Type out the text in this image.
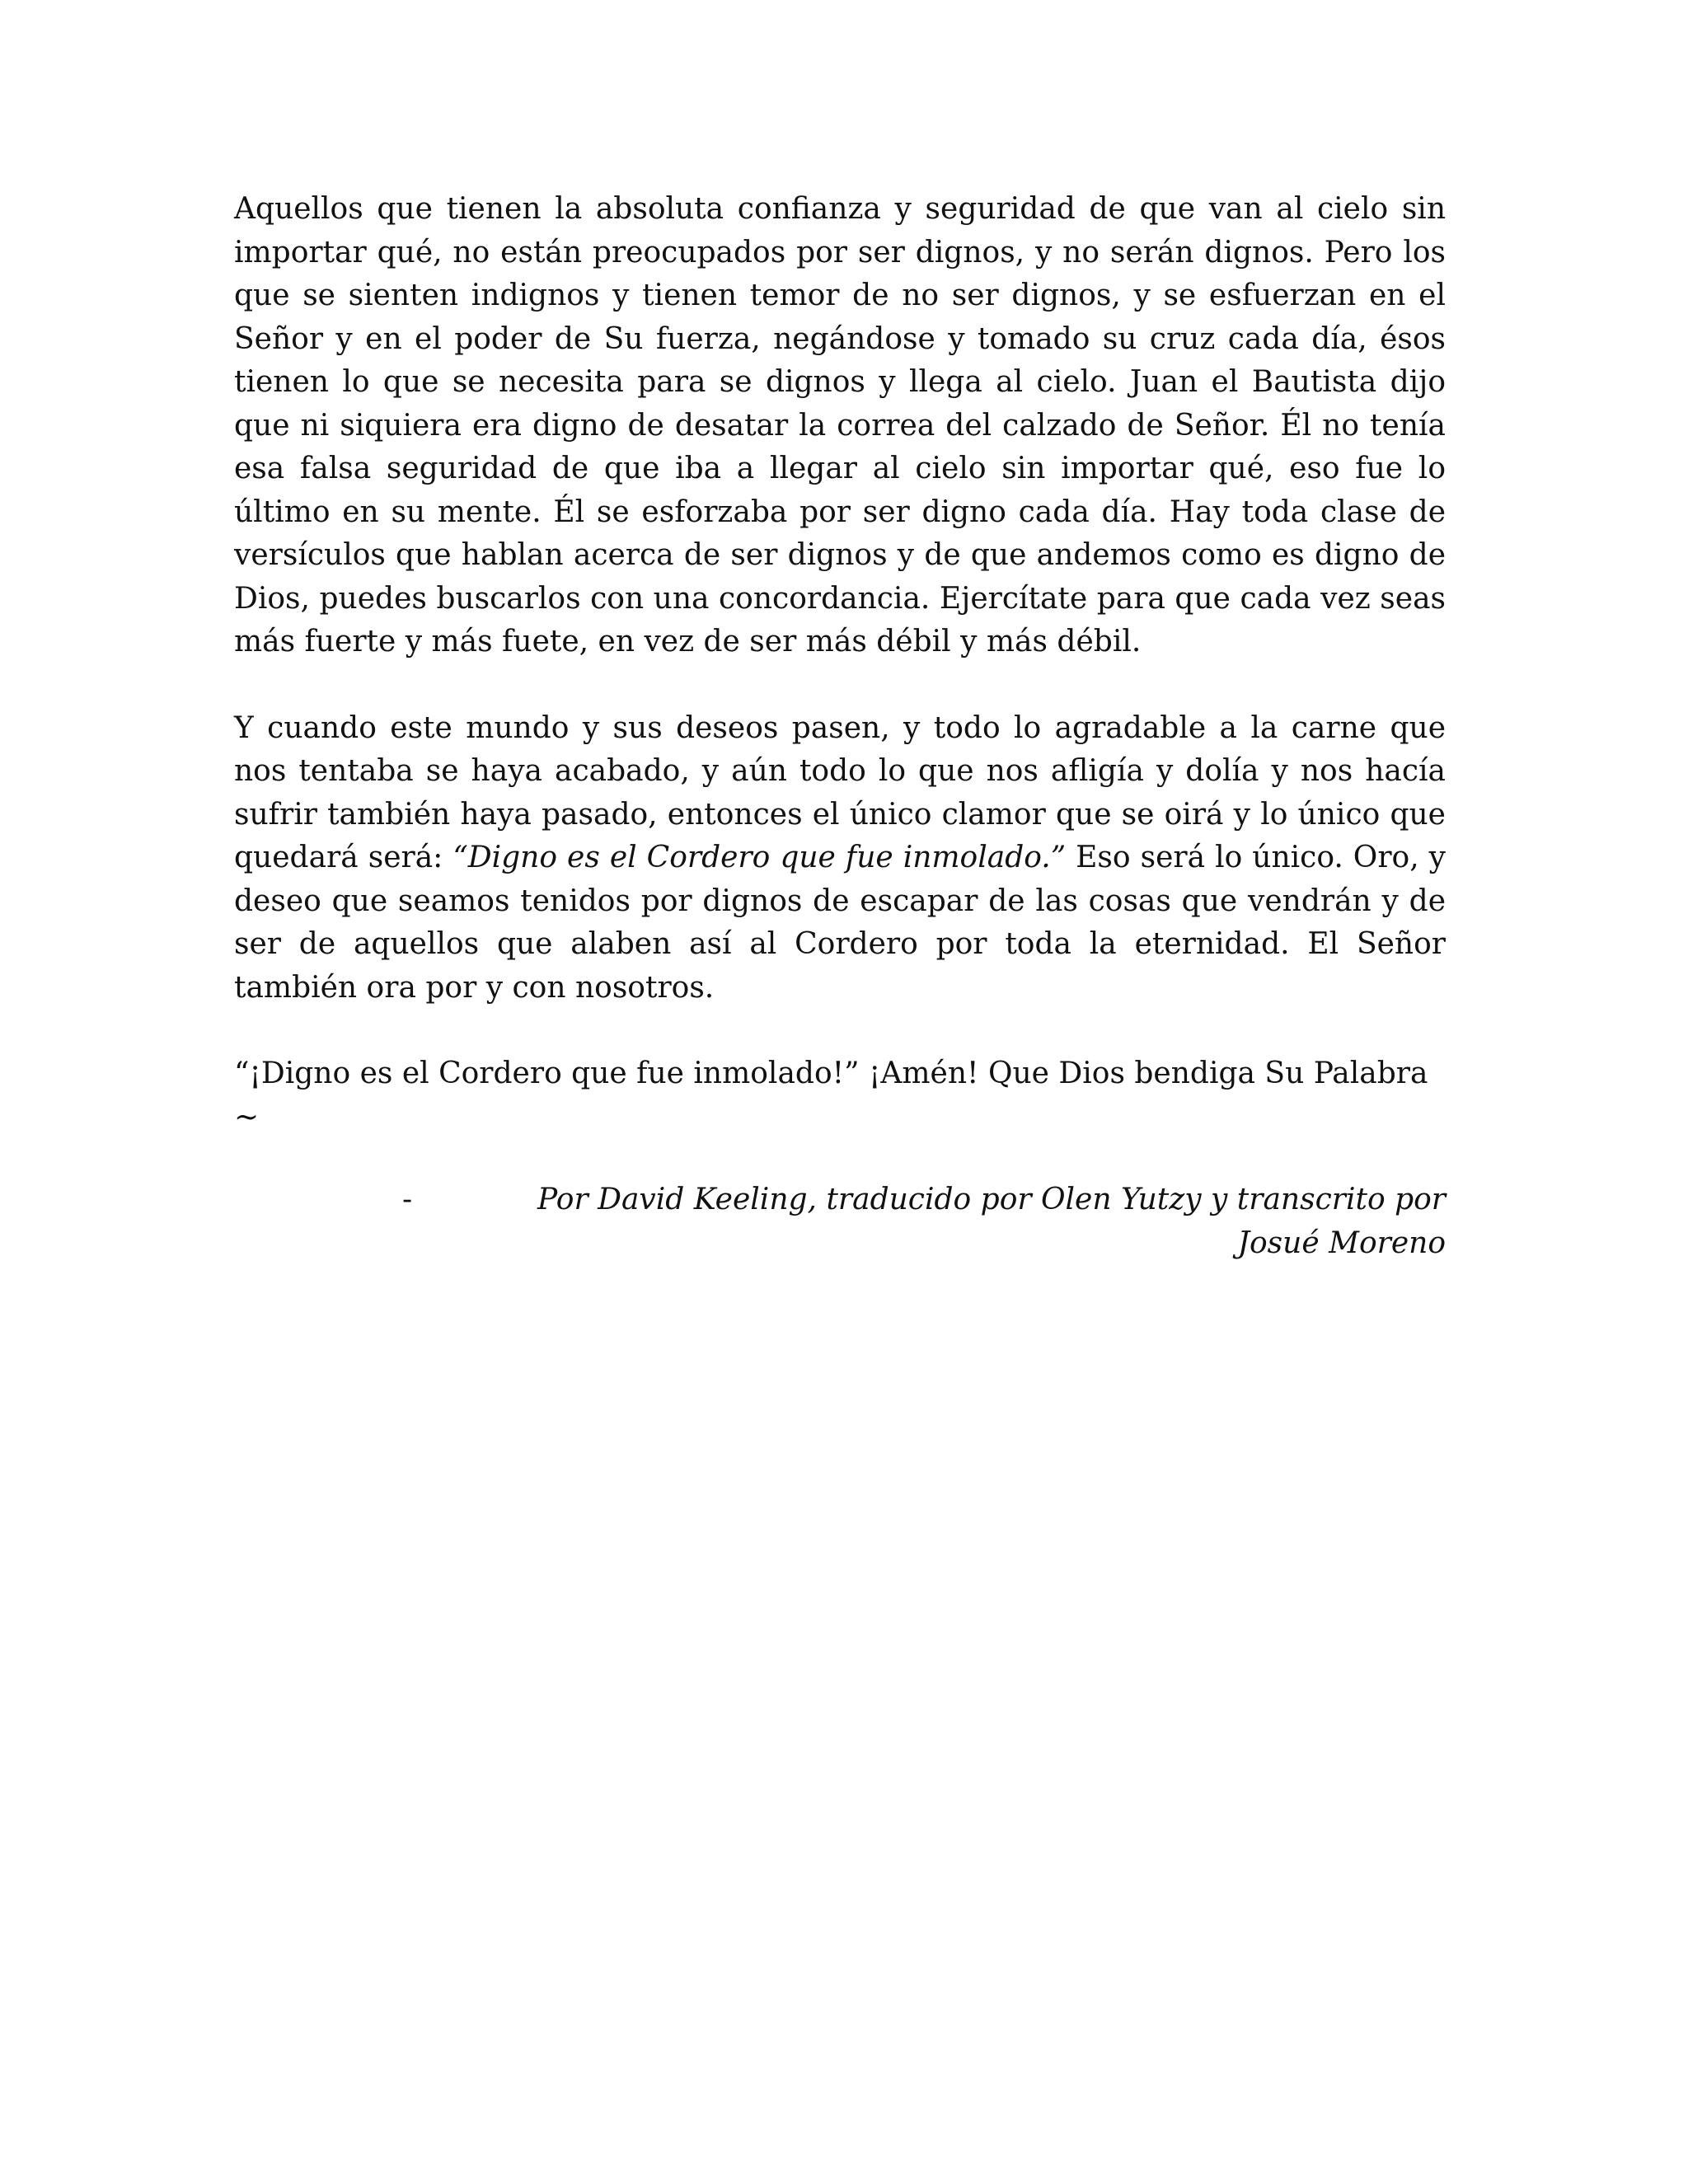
Aquellos que tienen la absoluta confianza y seguridad de que van al cielo sin importar qué, no están preocupados por ser dignos, y no serán dignos. Pero los que se sienten indignos y tienen temor de no ser dignos, y se esfuerzan en el Señor y en el poder de Su fuerza, negándose y tomado su cruz cada día, ésos tienen lo que se necesita para se dignos y llega al cielo. Juan el Bautista dijo que ni siquiera era digno de desatar la correa del calzado de Señor. Él no tenía esa falsa seguridad de que iba a llegar al cielo sin importar qué, eso fue lo último en su mente. Él se esforzaba por ser digno cada día. Hay toda clase de versículos que hablan acerca de ser dignos y de que andemos como es digno de Dios, puedes buscarlos con una concordancia. Ejercítate para que cada vez seas más fuerte y más fuete, en vez de ser más débil y más débil.

Y cuando este mundo y sus deseos pasen, y todo lo agradable a la carne que nos tentaba se haya acabado, y aún todo lo que nos afligía y dolía y nos hacía sufrir también haya pasado, entonces el único clamor que se oirá y lo único que quedará será: “Digno es el Cordero que fue inmolado.” Eso será lo único. Oro, y deseo que seamos tenidos por dignos de escapar de las cosas que vendrán y de ser de aquellos que alaben así al Cordero por toda la eternidad. El Señor también ora por y con nosotros.

“¡Digno es el Cordero que fue inmolado!” ¡Amén! Que Dios bendiga Su Palabra ~

-	Por David Keeling, traducido por Olen Yutzy y transcrito por Josué Moreno
